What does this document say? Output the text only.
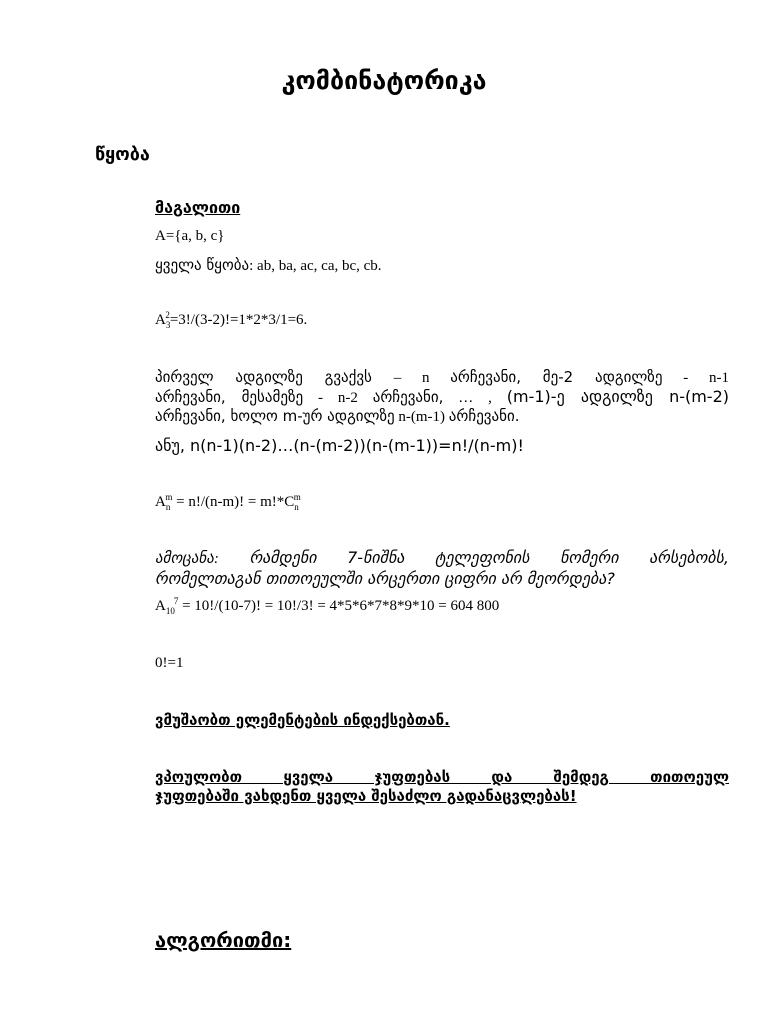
კომბინატორიკა
წყობა
მაგალითი
A={a, b, c}
ყველა წყობა: ab, ba, ac, ca, bc, cb.
$A_3^2=3!/(3-2)!=1*2*3/1=6$.
პირველ ადგილზე გვაქვს – n არჩევანი, მე-2 ადგილზე - n-1
არჩევანი, მესამეზე - n-2 არჩევანი, … , (m-1)-ე ადგილზე n-(m-2)
არჩევანი, ხოლო m-ურ ადგილზე n-(m-1) არჩევანი.
ანუ, n(n-1)(n-2)…(n-(m-2))(n-(m-1))=n!/(n-m)!
$A_n^m = n!/(n-m)$! = $m!*C_n^m$
ამოცანა: რამდენი 7-ნიშნა ტელეფონის ნომერი არსებობს,
რომელთაგან თითოეულში არცერთი ციფრი არ მეორდება?
$A_{10}^7 = 10!/(10-7)$! = 10!/3! = 4*5*6*7*8*9*10 = 604 800
0!=1
ვმუშაობთ ელემენტების ინდექსებთან.
ვპოულობთ ყველა ჯუფთებას და შემდეგ თითოეულ
ჯუფთებაში ვახდენთ ყველა შესაძლო გადანაცვლებას!
ალგორითმი:
